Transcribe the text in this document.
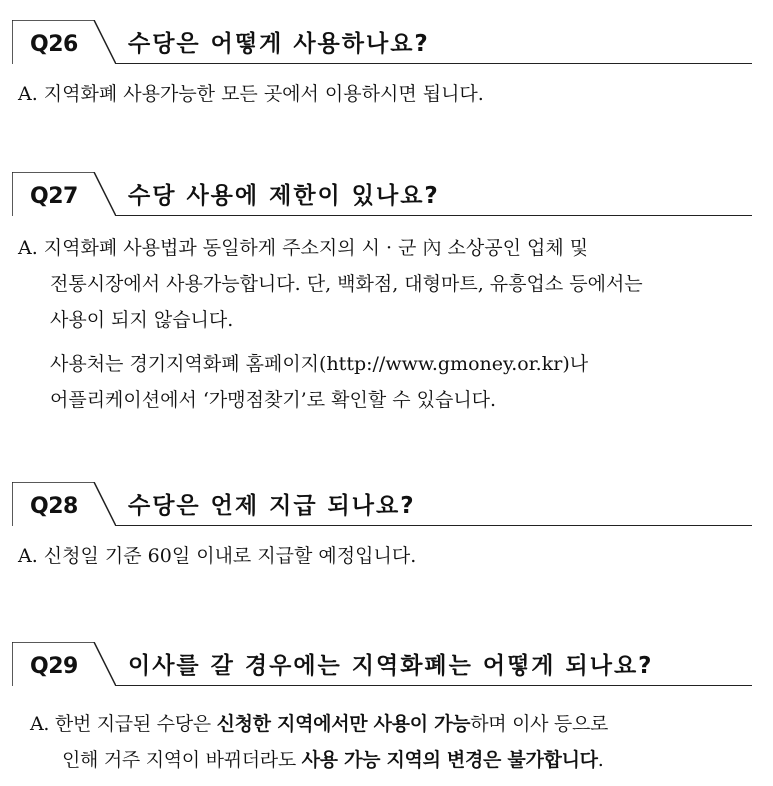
Q26 수당은 어떻게 사용하나요?
A. 지역화폐 사용가능한 모든 곳에서 이용하시면 됩니다.
Q27 수당 사용에 제한이 있나요?
A. 지역화폐 사용법과 동일하게 주소지의 시 · 군 內 소상공인 업체 및
전통시장에서 사용가능합니다. 단, 백화점, 대형마트, 유흥업소 등에서는
사용이 되지 않습니다.
사용처는 경기지역화폐 홈페이지(http://www.gmoney.or.kr)나
어플리케이션에서 ‘가맹점찾기’로 확인할 수 있습니다.
Q28 수당은 언제 지급 되나요?
A. 신청일 기준 60일 이내로 지급할 예정입니다.
Q29 이사를 갈 경우에는 지역화폐는 어떻게 되나요?
A. 한번 지급된 수당은 신청한 지역에서만 사용이 가능하며 이사 등으로
인해 거주 지역이 바뀌더라도 사용 가능 지역의 변경은 불가합니다.
